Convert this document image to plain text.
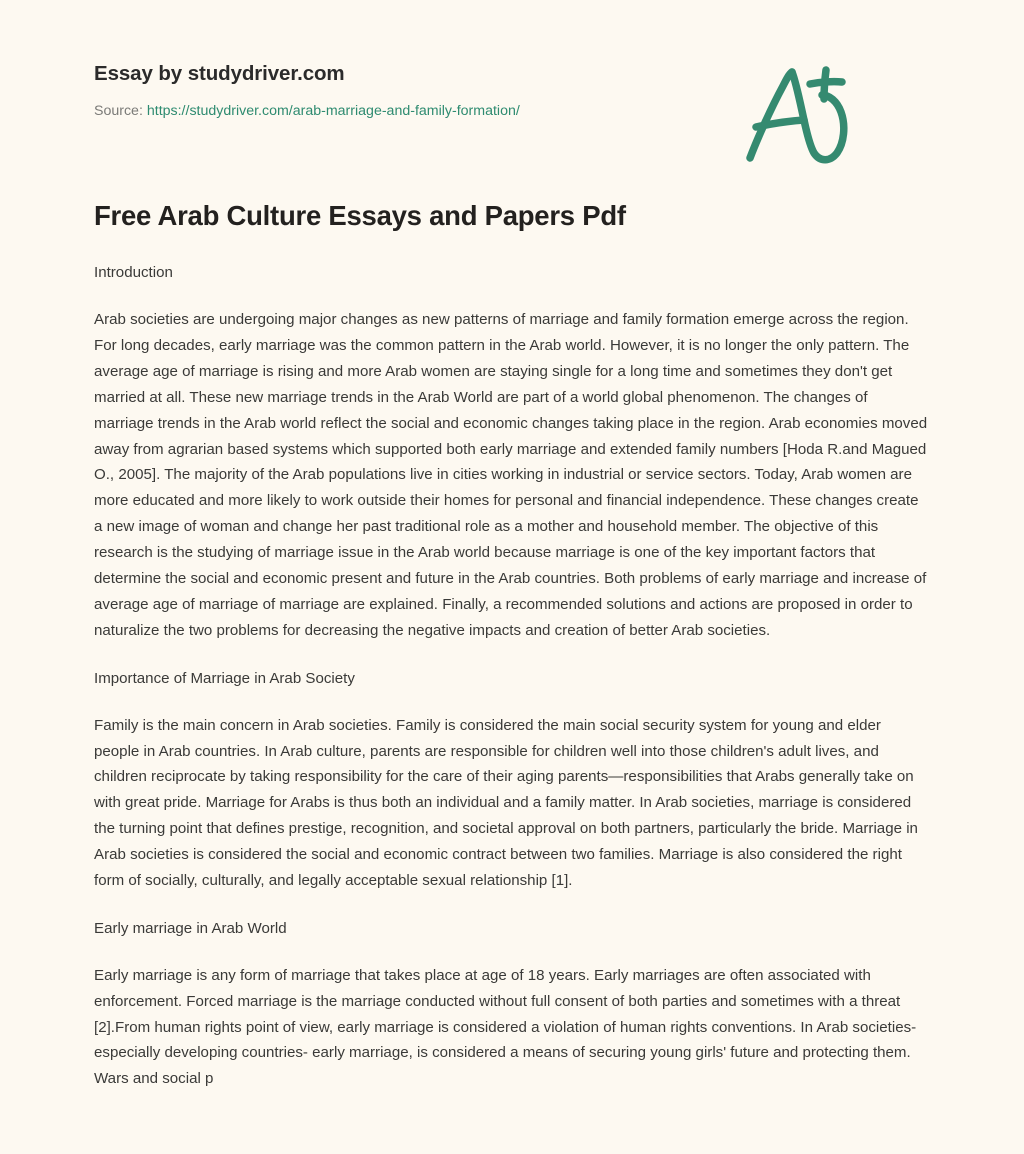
Essay by studydriver.com
Source: https://studydriver.com/arab-marriage-and-family-formation/
Free Arab Culture Essays and Papers Pdf

Introduction

Arab societies are undergoing major changes as new patterns of marriage and family formation emerge across the region. For long decades, early marriage was the common pattern in the Arab world. However, it is no longer the only pattern. The average age of marriage is rising and more Arab women are staying single for a long time and sometimes they don't get married at all. These new marriage trends in the Arab World are part of a world global phenomenon. The changes of marriage trends in the Arab world reflect the social and economic changes taking place in the region. Arab economies moved away from agrarian based systems which supported both early marriage and extended family numbers [Hoda R.and Magued O., 2005]. The majority of the Arab populations live in cities working in industrial or service sectors. Today, Arab women are more educated and more likely to work outside their homes for personal and financial independence. These changes create a new image of woman and change her past traditional role as a mother and household member. The objective of this research is the studying of marriage issue in the Arab world because marriage is one of the key important factors that determine the social and economic present and future in the Arab countries. Both problems of early marriage and increase of average age of marriage of marriage are explained. Finally, a recommended solutions and actions are proposed in order to naturalize the two problems for decreasing the negative impacts and creation of better Arab societies.

Importance of Marriage in Arab Society

Family is the main concern in Arab societies. Family is considered the main social security system for young and elder people in Arab countries. In Arab culture, parents are responsible for children well into those children's adult lives, and children reciprocate by taking responsibility for the care of their aging parents—responsibilities that Arabs generally take on with great pride. Marriage for Arabs is thus both an individual and a family matter. In Arab societies, marriage is considered the turning point that defines prestige, recognition, and societal approval on both partners, particularly the bride. Marriage in Arab societies is considered the social and economic contract between two families. Marriage is also considered the right form of socially, culturally, and legally acceptable sexual relationship [1].

Early marriage in Arab World

Early marriage is any form of marriage that takes place at age of 18 years. Early marriages are often associated with enforcement. Forced marriage is the marriage conducted without full consent of both parties and sometimes with a threat [2].From human rights point of view, early marriage is considered a violation of human rights conventions. In Arab societies- especially developing countries- early marriage, is considered a means of securing young girls' future and protecting them. Wars and social p
